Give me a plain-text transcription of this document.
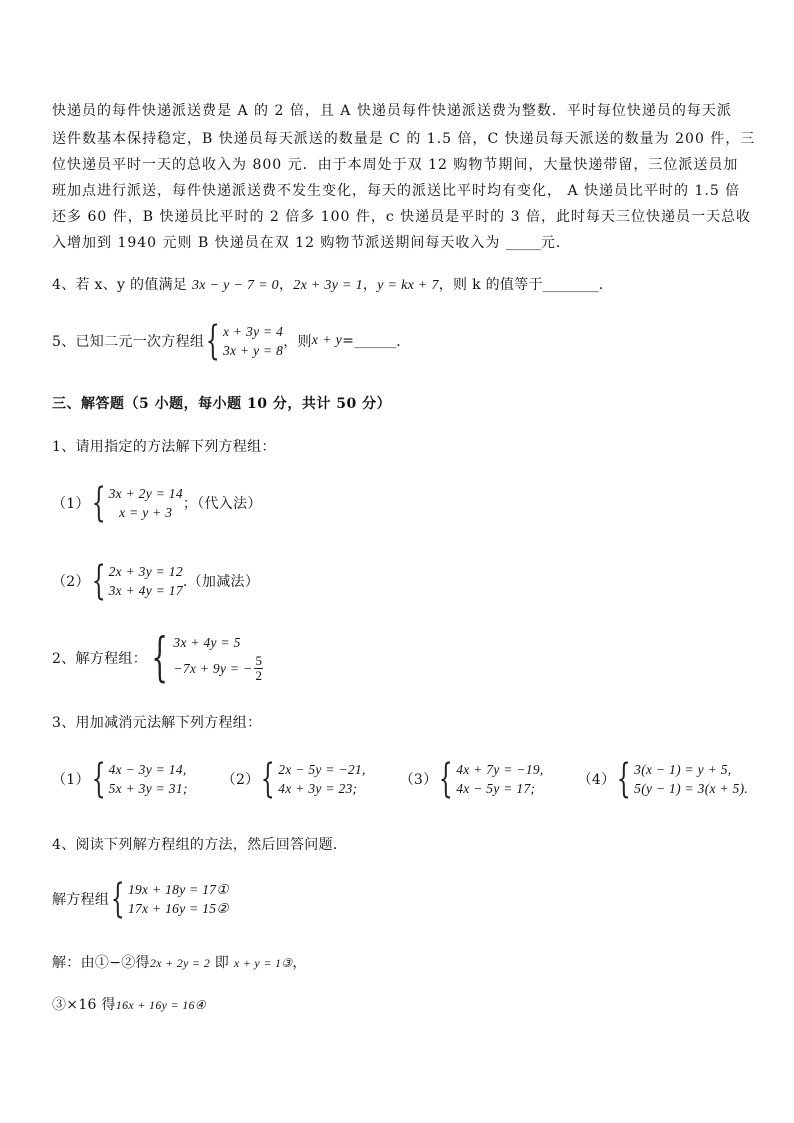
快递员的每件快递派送费是 A 的 2 倍，且 A 快递员每件快递派送费为整数．平时每位快递员的每天派
送件数基本保持稳定，B 快递员每天派送的数量是 C 的 1.5 倍，C 快递员每天派送的数量为 200 件，三
位快递员平时一天的总收入为 800 元．由于本周处于双 12 购物节期间，大量快递带留，三位派送员加
班加点进行派送，每件快递派送费不发生变化，每天的派送比平时均有变化， A 快递员比平时的 1.5 倍
还多 60 件，B 快递员比平时的 2 倍多 100 件，c 快递员是平时的 3 倍，此时每天三位快递员一天总收
入增加到 1940 元则 B 快递员在双 12 购物节派送期间每天收入为 _____元．
4、若 x、y 的值满足 3x − y − 7 = 0，2x + 3y = 1，y = kx + 7，则 k 的值等于________．
5、已知二元一次方程组 { x + 3y = 4
3x + y = 8
，则 x + y = ______ ．
三、解答题（5 小题，每小题 10 分，共计 50 分）
1、请用指定的方法解下列方程组：
（1） { 3x + 2y = 14
x = y + 3
；（代入法）
（2） { 2x + 3y = 12
3x + 4y = 17
.（加减法）
2、解方程组： { 3x + 4y = 5
−7x + 9y = − $\frac{5}{2}$
3、用加减消元法解下列方程组：
（1） { 4x − 3y = 14,
5x + 3y = 31;
（2） { 2x − 5y = −21,
4x + 3y = 23;
（3） { 4x + 7y = −19,
4x − 5y = 17;
（4） { 3(x − 1) = y + 5,
5(y − 1) = 3(x + 5).
4、阅读下列解方程组的方法，然后回答问题．
解方程组 { 19x + 18y = 17①
17x + 16y = 15②
解：由①−②得2x + 2y = 2 即 x + y = 1③，
③×16 得16x + 16y = 16④
